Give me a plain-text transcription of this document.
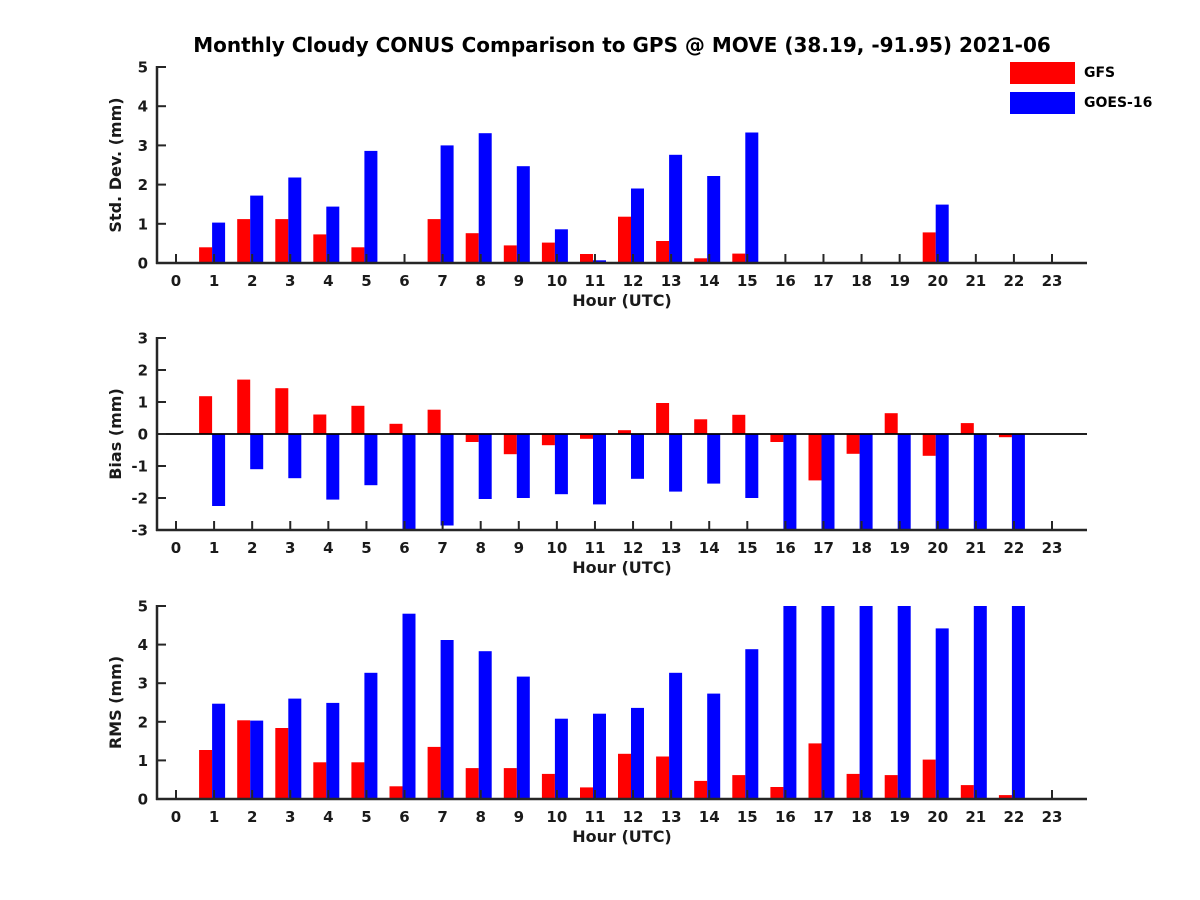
Monthly Cloudy CONUS Comparison to GPS @ MOVE (38.19, -91.95) 2021-06
GFS
GOES-16
0
1
2
3
4
5
0 1 2 3 4 5 6 7 8 9 10 11 12 13 14 15 16 17 18 19 20 21 22 23
Hour (UTC)
Std. Dev. (mm)
-3
-2
-1
0
1
2
3
0 1 2 3 4 5 6 7 8 9 10 11 12 13 14 15 16 17 18 19 20 21 22 23
Hour (UTC)
Bias (mm)
0
1
2
3
4
5
0 1 2 3 4 5 6 7 8 9 10 11 12 13 14 15 16 17 18 19 20 21 22 23
Hour (UTC)
RMS (mm)
